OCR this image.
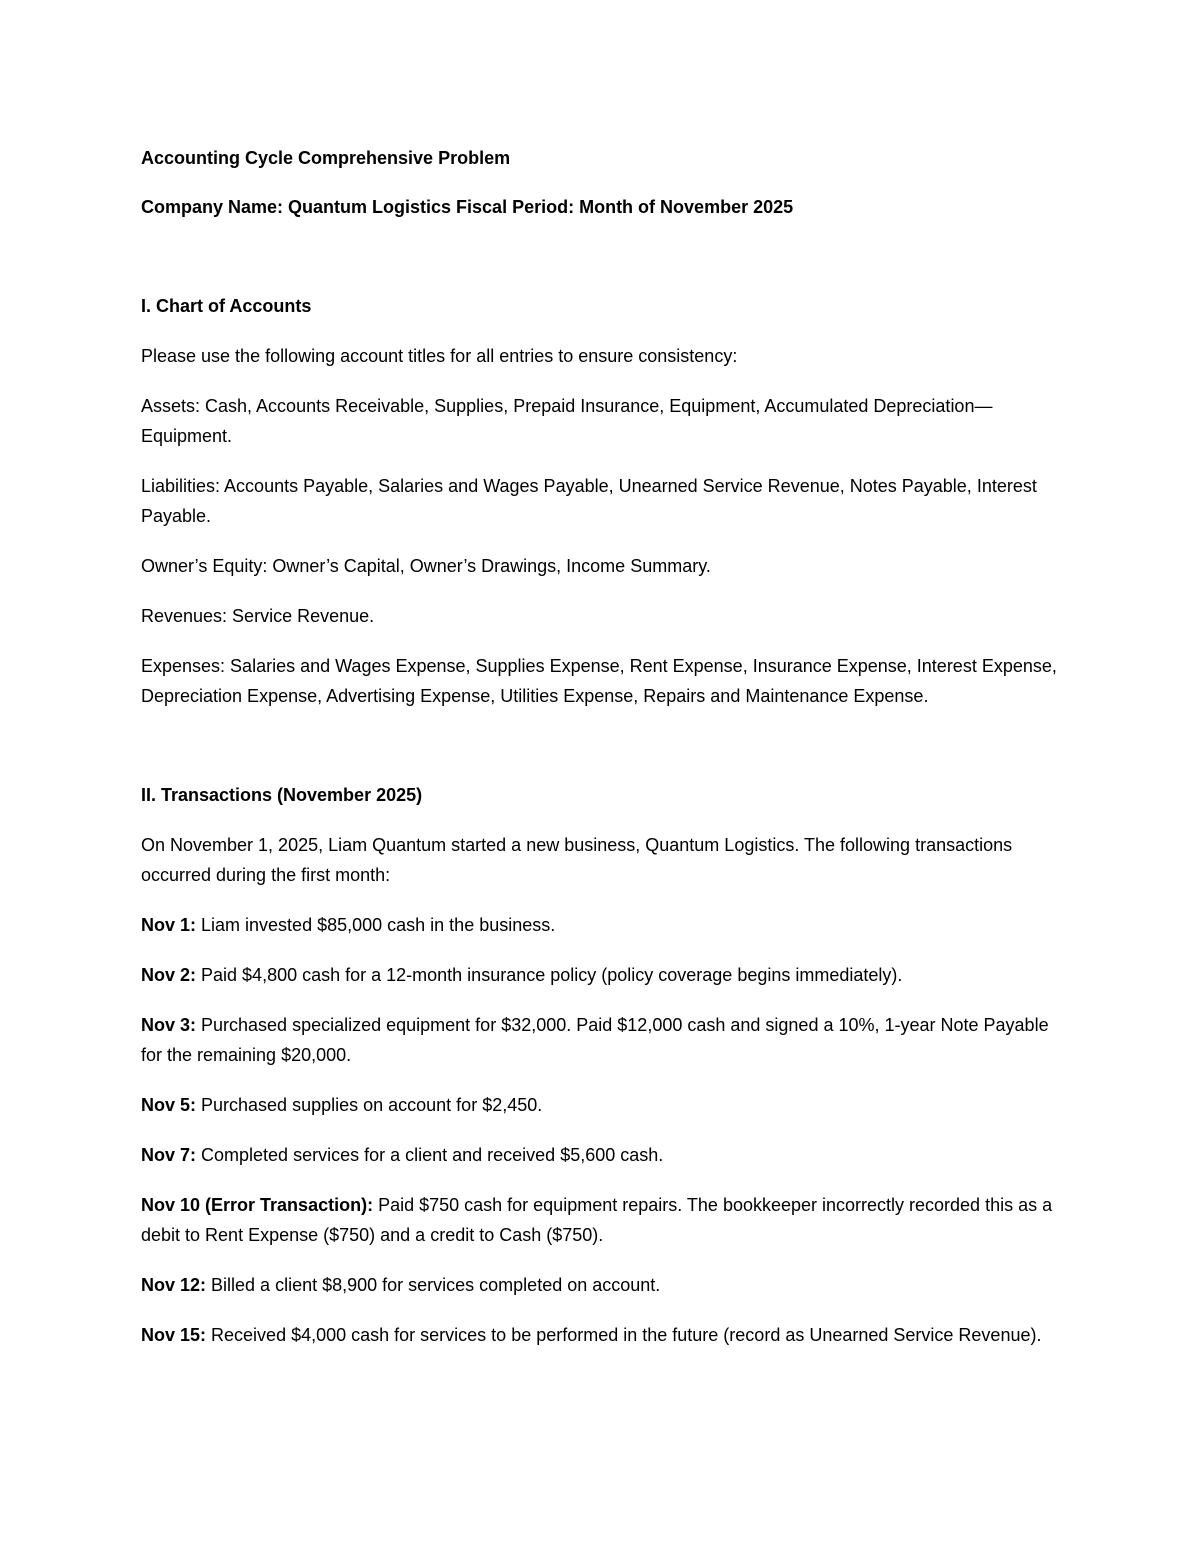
Accounting Cycle Comprehensive Problem

Company Name: Quantum Logistics Fiscal Period: Month of November 2025

I. Chart of Accounts

Please use the following account titles for all entries to ensure consistency:

Assets: Cash, Accounts Receivable, Supplies, Prepaid Insurance, Equipment, Accumulated Depreciation—Equipment.

Liabilities: Accounts Payable, Salaries and Wages Payable, Unearned Service Revenue, Notes Payable, Interest Payable.

Owner’s Equity: Owner’s Capital, Owner’s Drawings, Income Summary.

Revenues: Service Revenue.

Expenses: Salaries and Wages Expense, Supplies Expense, Rent Expense, Insurance Expense, Interest Expense, Depreciation Expense, Advertising Expense, Utilities Expense, Repairs and Maintenance Expense.

II. Transactions (November 2025)

On November 1, 2025, Liam Quantum started a new business, Quantum Logistics. The following transactions occurred during the first month:

Nov 1: Liam invested $85,000 cash in the business.

Nov 2: Paid $4,800 cash for a 12-month insurance policy (policy coverage begins immediately).

Nov 3: Purchased specialized equipment for $32,000. Paid $12,000 cash and signed a 10%, 1-year Note Payable for the remaining $20,000.

Nov 5: Purchased supplies on account for $2,450.

Nov 7: Completed services for a client and received $5,600 cash.

Nov 10 (Error Transaction): Paid $750 cash for equipment repairs. The bookkeeper incorrectly recorded this as a debit to Rent Expense ($750) and a credit to Cash ($750).

Nov 12: Billed a client $8,900 for services completed on account.

Nov 15: Received $4,000 cash for services to be performed in the future (record as Unearned Service Revenue).
